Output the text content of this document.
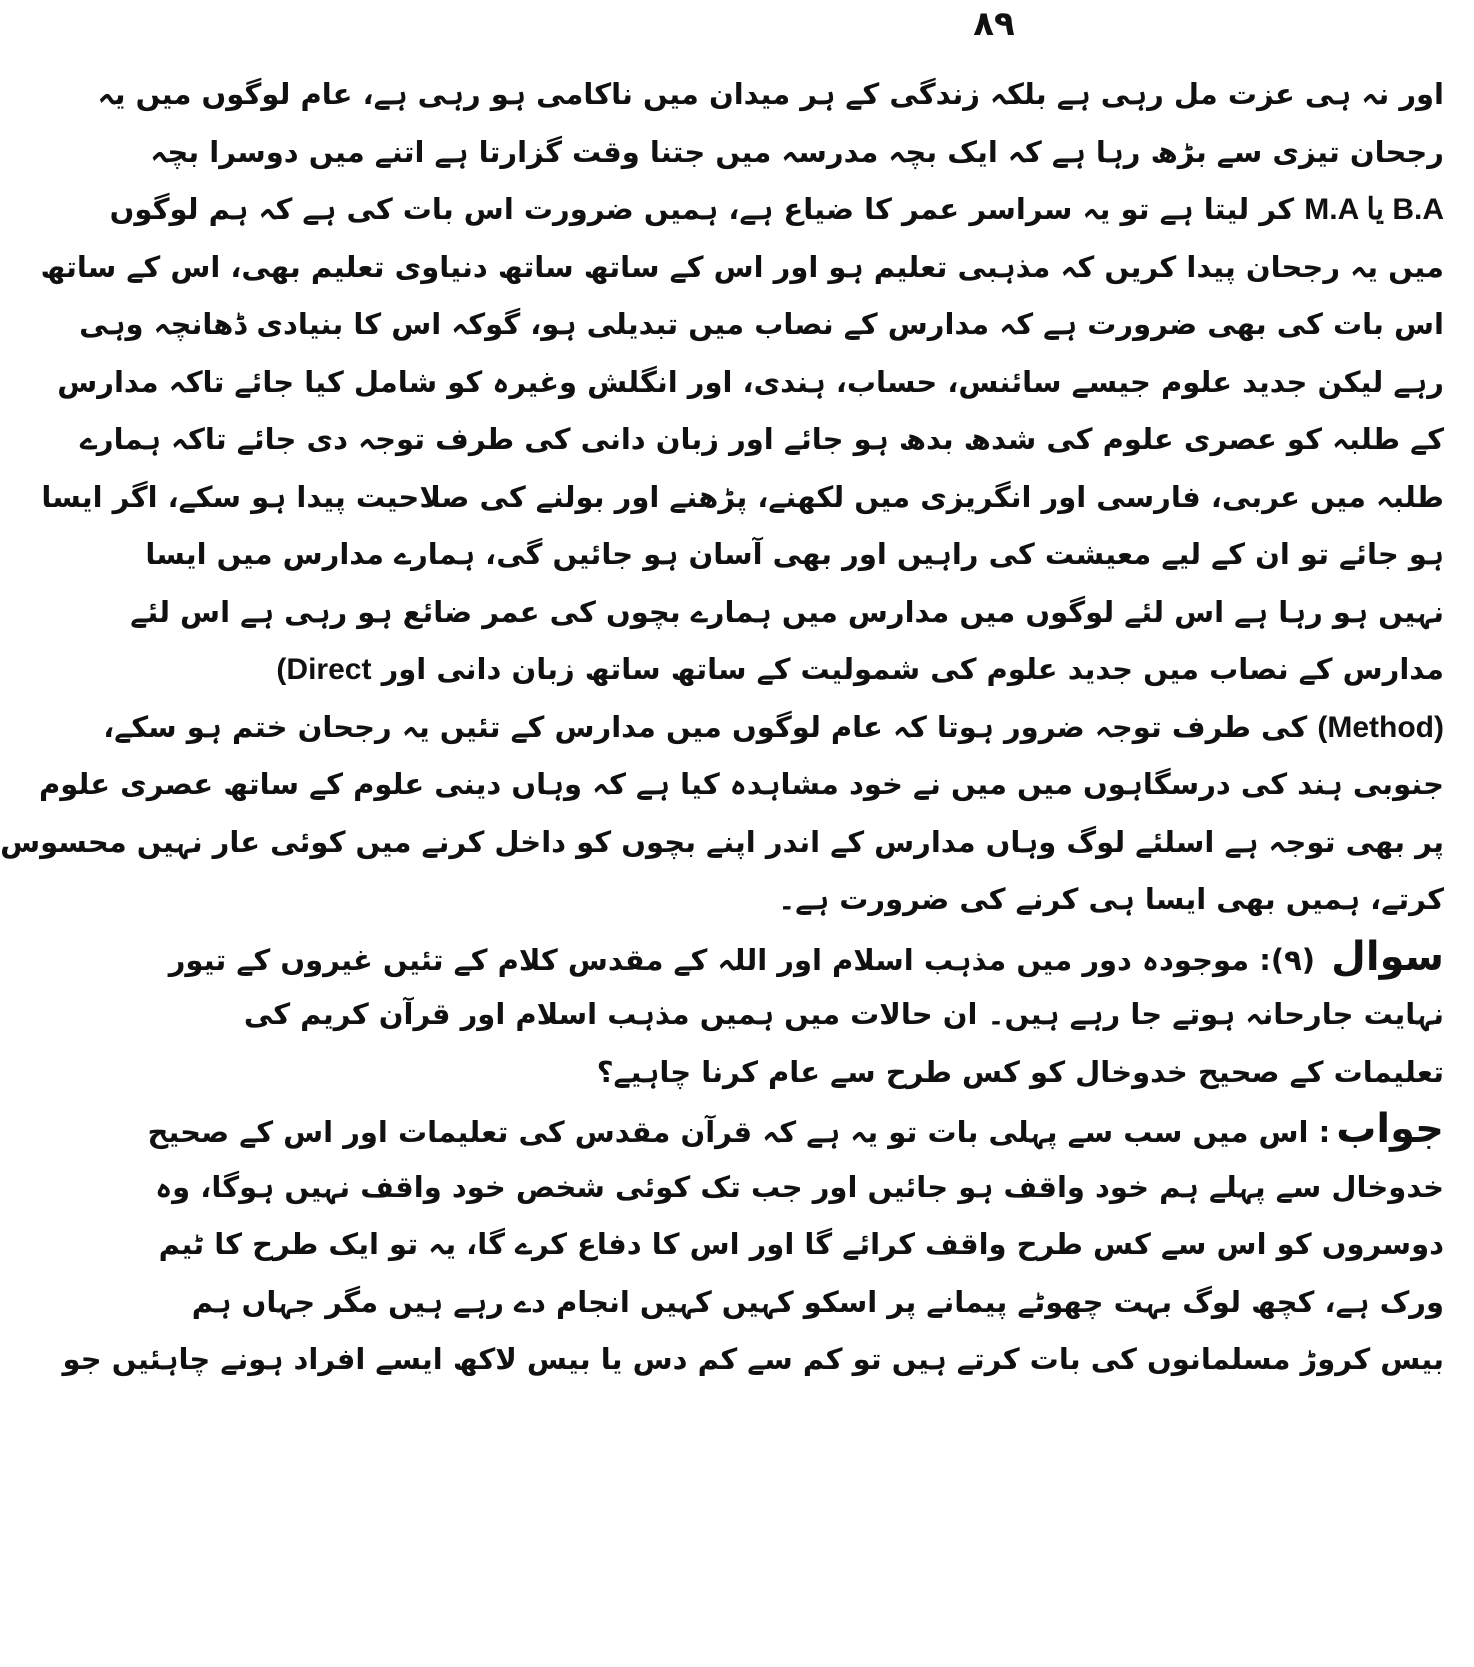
۸۹
اور نہ ہی عزت مل رہی ہے بلکہ زندگی کے ہر میدان میں ناکامی ہو رہی ہے، عام لوگوں میں یہ
رجحان تیزی سے بڑھ رہا ہے کہ ایک بچہ مدرسہ میں جتنا وقت گزارتا ہے اتنے میں دوسرا بچہ
M.A یا B.A کر لیتا ہے تو یہ سراسر عمر کا ضیاع ہے، ہمیں ضرورت اس بات کی ہے کہ ہم لوگوں
میں یہ رجحان پیدا کریں کہ مذہبی تعلیم ہو اور اس کے ساتھ ساتھ دنیاوی تعلیم بھی، اس کے ساتھ
اس بات کی بھی ضرورت ہے کہ مدارس کے نصاب میں تبدیلی ہو، گوکہ اس کا بنیادی ڈھانچہ وہی
رہے لیکن جدید علوم جیسے سائنس، حساب، ہندی، اور انگلش وغیرہ کو شامل کیا جائے تاکہ مدارس
کے طلبہ کو عصری علوم کی شدھ بدھ ہو جائے اور زبان دانی کی طرف توجہ دی جائے تاکہ ہمارے
طلبہ میں عربی، فارسی اور انگریزی میں لکھنے، پڑھنے اور بولنے کی صلاحیت پیدا ہو سکے، اگر ایسا
ہو جائے تو ان کے لیے معیشت کی راہیں اور بھی آسان ہو جائیں گی، ہمارے مدارس میں ایسا
نہیں ہو رہا ہے اس لئے لوگوں میں مدارس میں ہمارے بچوں کی عمر ضائع ہو رہی ہے اس لئے
مدارس کے نصاب میں جدید علوم کی شمولیت کے ساتھ ساتھ زبان دانی اور (Direct
(Method) کی طرف توجہ ضرور ہوتا کہ عام لوگوں میں مدارس کے تئیں یہ رجحان ختم ہو سکے،
جنوبی ہند کی درسگاہوں میں میں نے خود مشاہدہ کیا ہے کہ وہاں دینی علوم کے ساتھ عصری علوم
پر بھی توجہ ہے اسلئے لوگ وہاں مدارس کے اندر اپنے بچوں کو داخل کرنے میں کوئی عار نہیں محسوس
کرتے، ہمیں بھی ایسا ہی کرنے کی ضرورت ہے۔
سوال (۹): موجودہ دور میں مذہب اسلام اور اللہ کے مقدس کلام کے تئیں غیروں کے تیور
نہایت جارحانہ ہوتے جا رہے ہیں۔ ان حالات میں ہمیں مذہب اسلام اور قرآن کریم کی
تعلیمات کے صحیح خدوخال کو کس طرح سے عام کرنا چاہیے؟
جواب: اس میں سب سے پہلی بات تو یہ ہے کہ قرآن مقدس کی تعلیمات اور اس کے صحیح
خدوخال سے پہلے ہم خود واقف ہو جائیں اور جب تک کوئی شخص خود واقف نہیں ہوگا، وہ
دوسروں کو اس سے کس طرح واقف کرائے گا اور اس کا دفاع کرے گا، یہ تو ایک طرح کا ٹیم
ورک ہے، کچھ لوگ بہت چھوٹے پیمانے پر اسکو کہیں کہیں انجام دے رہے ہیں مگر جہاں ہم
بیس کروڑ مسلمانوں کی بات کرتے ہیں تو کم سے کم دس یا بیس لاکھ ایسے افراد ہونے چاہئیں جو
